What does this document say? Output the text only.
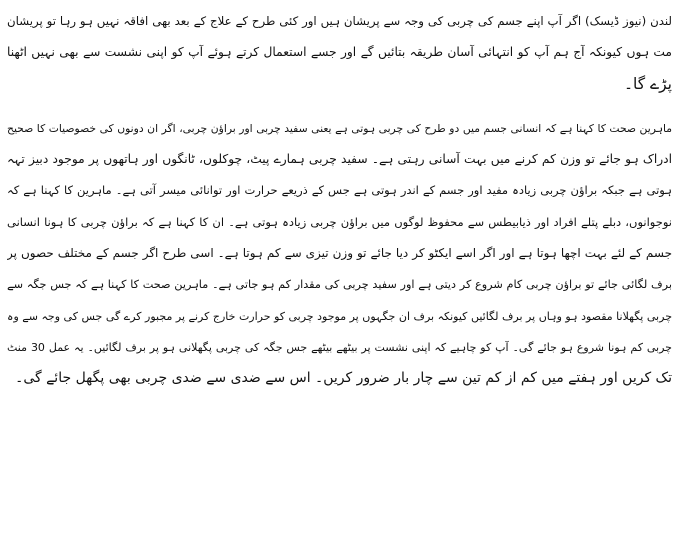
لندن (نیوز ڈیسک) اگر آپ اپنے جسم کی چربی کی وجہ سے پریشان ہیں اور کئی طرح کے علاج کے بعد بھی افاقہ نہیں ہو رہا تو پریشان
مت ہوں کیونکہ آج ہم آپ کو انتہائی آسان طریقہ بتائیں گے اور جسے استعمال کرتے ہوئے آپ کو اپنی نشست سے بھی نہیں اٹھنا
پڑے گا۔
ماہرین صحت کا کہنا ہے کہ انسانی جسم میں دو طرح کی چربی ہوتی ہے یعنی سفید چربی اور براؤن چربی، اگر ان دونوں کی خصوصیات کا صحیح
ادراک ہو جائے تو وزن کم کرنے میں بہت آسانی رہتی ہے۔ سفید چربی ہمارے پیٹ، چوکلوں، ٹانگوں اور ہاتھوں پر موجود دبیز تہہ
ہوتی ہے جبکہ براؤن چربی زیادہ مفید اور جسم کے اندر ہوتی ہے جس کے ذریعے حرارت اور توانائی میسر آتی ہے۔ ماہرین کا کہنا ہے کہ
نوجوانوں، دبلے پتلے افراد اور ذیابیطس سے محفوظ لوگوں میں براؤن چربی زیادہ ہوتی ہے۔ ان کا کہنا ہے کہ براؤن چربی کا ہونا انسانی
جسم کے لئے بہت اچھا ہوتا ہے اور اگر اسے ایکٹو کر دیا جائے تو وزن تیزی سے کم ہوتا ہے۔ اسی طرح اگر جسم کے مختلف حصوں پر
برف لگائی جائے تو براؤن چربی کام شروع کر دیتی ہے اور سفید چربی کی مقدار کم ہو جاتی ہے۔ ماہرین صحت کا کہنا ہے کہ جس جگہ سے
چربی پگھلانا مقصود ہو وہاں پر برف لگائیں کیونکہ برف ان جگہوں پر موجود چربی کو حرارت خارج کرنے پر مجبور کرے گی جس کی وجہ سے وہ
چربی کم ہونا شروع ہو جائے گی۔ آپ کو چاہیے کہ اپنی نشست پر بیٹھے بیٹھے جس جگہ کی چربی پگھلانی ہو پر برف لگائیں۔ یہ عمل 30 منٹ
تک کریں اور ہفتے میں کم از کم تین سے چار بار ضرور کریں۔ اس سے ضدی سے ضدی چربی بھی پگھل جائے گی۔
